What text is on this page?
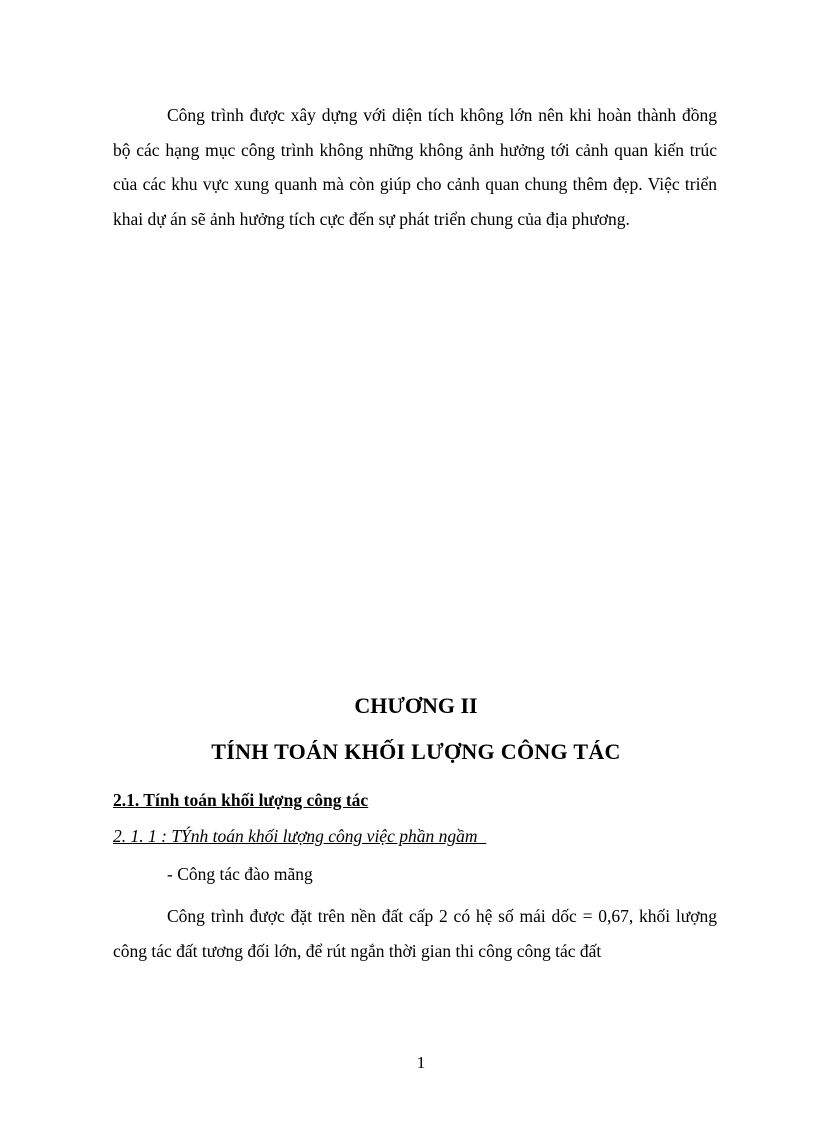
Công trình được xây dựng với diện tích không lớn nên khi hoàn thành đồng bộ các hạng mục công trình không những không ảnh hưởng tới cảnh quan kiến trúc của các khu vực xung quanh mà còn giúp cho cảnh quan chung thêm đẹp. Việc triển khai dự án sẽ ảnh hưởng tích cực đến sự phát triển chung của địa phương.

CHƯƠNG II

TÍNH TOÁN KHỐI LƯỢNG CÔNG TÁC

2.1. Tính toán khối lượng công tác

2. 1. 1 : TÝnh toán khối lượng công việc phần ngầm

- Công tác đào mãng

Công trình được đặt trên nền đất cấp 2 có hệ số mái dốc = 0,67, khối lượng công tác đất tương đối lớn, để rút ngắn thời gian thi công công tác đất

1
